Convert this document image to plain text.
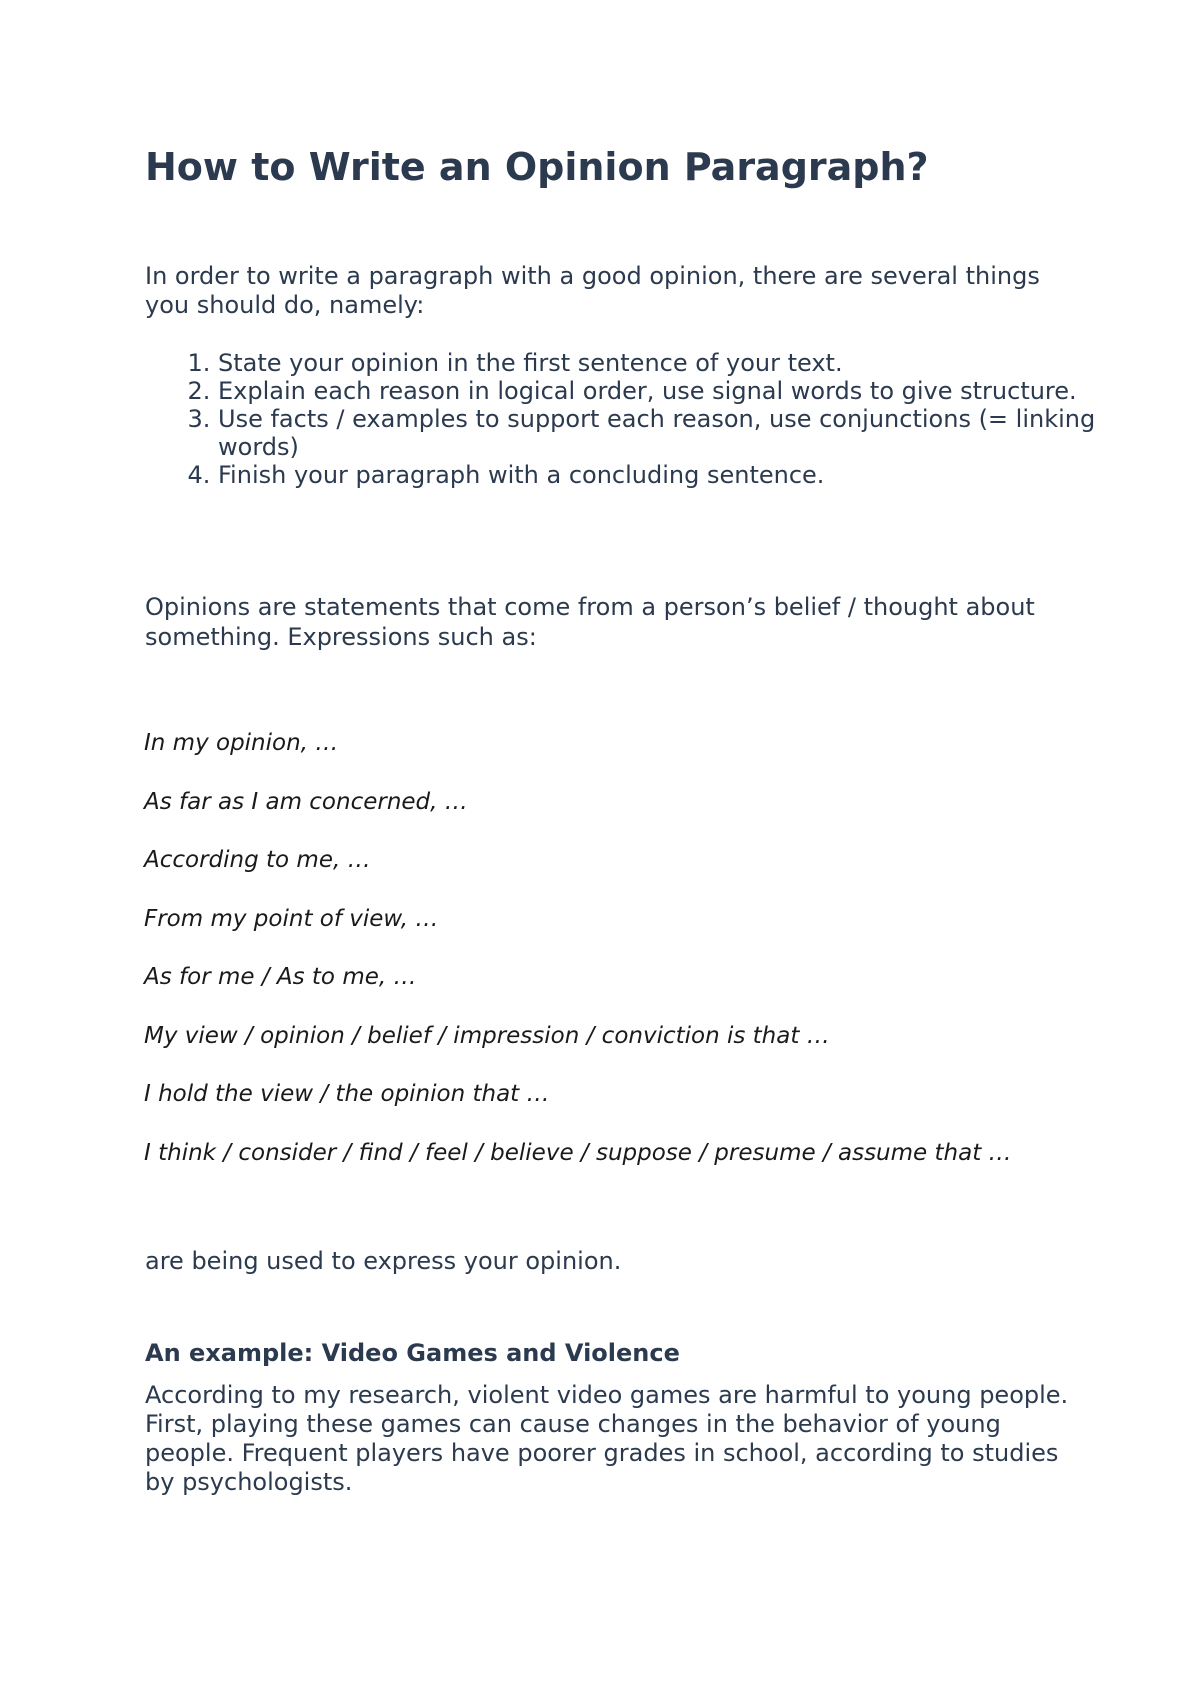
How to Write an Opinion Paragraph?

In order to write a paragraph with a good opinion, there are several things you should do, namely:

1. State your opinion in the first sentence of your text.
2. Explain each reason in logical order, use signal words to give structure.
3. Use facts / examples to support each reason, use conjunctions (= linking words)
4. Finish your paragraph with a concluding sentence.

Opinions are statements that come from a person’s belief / thought about something. Expressions such as:

In my opinion, …
As far as I am concerned, …
According to me, …
From my point of view, …
As for me / As to me, …
My view / opinion / belief / impression / conviction is that …
I hold the view / the opinion that …
I think / consider / find / feel / believe / suppose / presume / assume that …

are being used to express your opinion.

An example: Video Games and Violence

According to my research, violent video games are harmful to young people. First, playing these games can cause changes in the behavior of young people. Frequent players have poorer grades in school, according to studies by psychologists.
